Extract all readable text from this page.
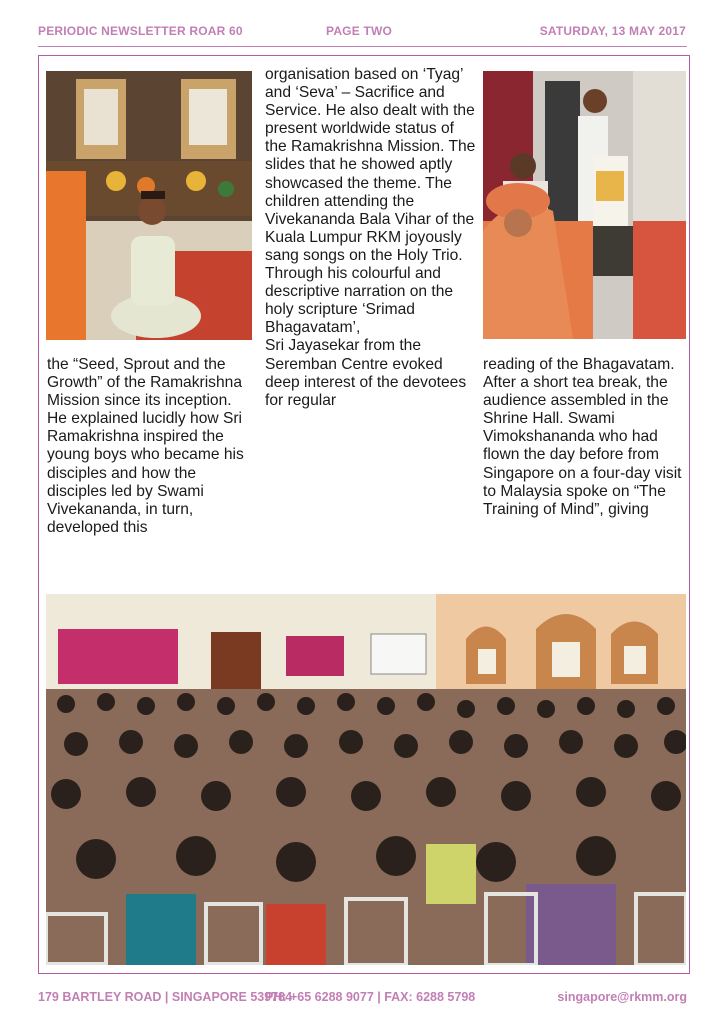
PERIODIC NEWSLETTER ROAR 60	PAGE TWO	SATURDAY, 13 MAY 2017

the “Seed, Sprout and the Growth” of the Ramakrishna Mission since its inception.

He explained lucidly how Sri Ramakrishna inspired the young boys who became his disciples and how the disciples led by Swami Vivekananda, in turn, developed this

organisation based on ‘Tyag’ and ‘Seva’ – Sacrifice and Service. He also dealt with the present worldwide status of the Ramakrishna Mission. The slides that he showed aptly showcased the theme. The children attending the Vivekananda Bala Vihar of the Kuala Lumpur RKM joyously sang songs on the Holy Trio.

Through his colourful and descriptive narration on the holy scripture ‘Srimad Bhagavatam’,

Sri Jayasekar from the Seremban Centre evoked deep interest of the devotees for regular

reading of the Bhagavatam.

After a short tea break, the audience assembled in the Shrine Hall. Swami Vimokshananda who had flown the day before from Singapore on a four-day visit to Malaysia spoke on “The Training of Mind”, giving

179 BARTLEY ROAD | SINGAPORE 539784
PH: +65 6288 9077 | FAX: 6288 5798	singapore@rkmm.org
